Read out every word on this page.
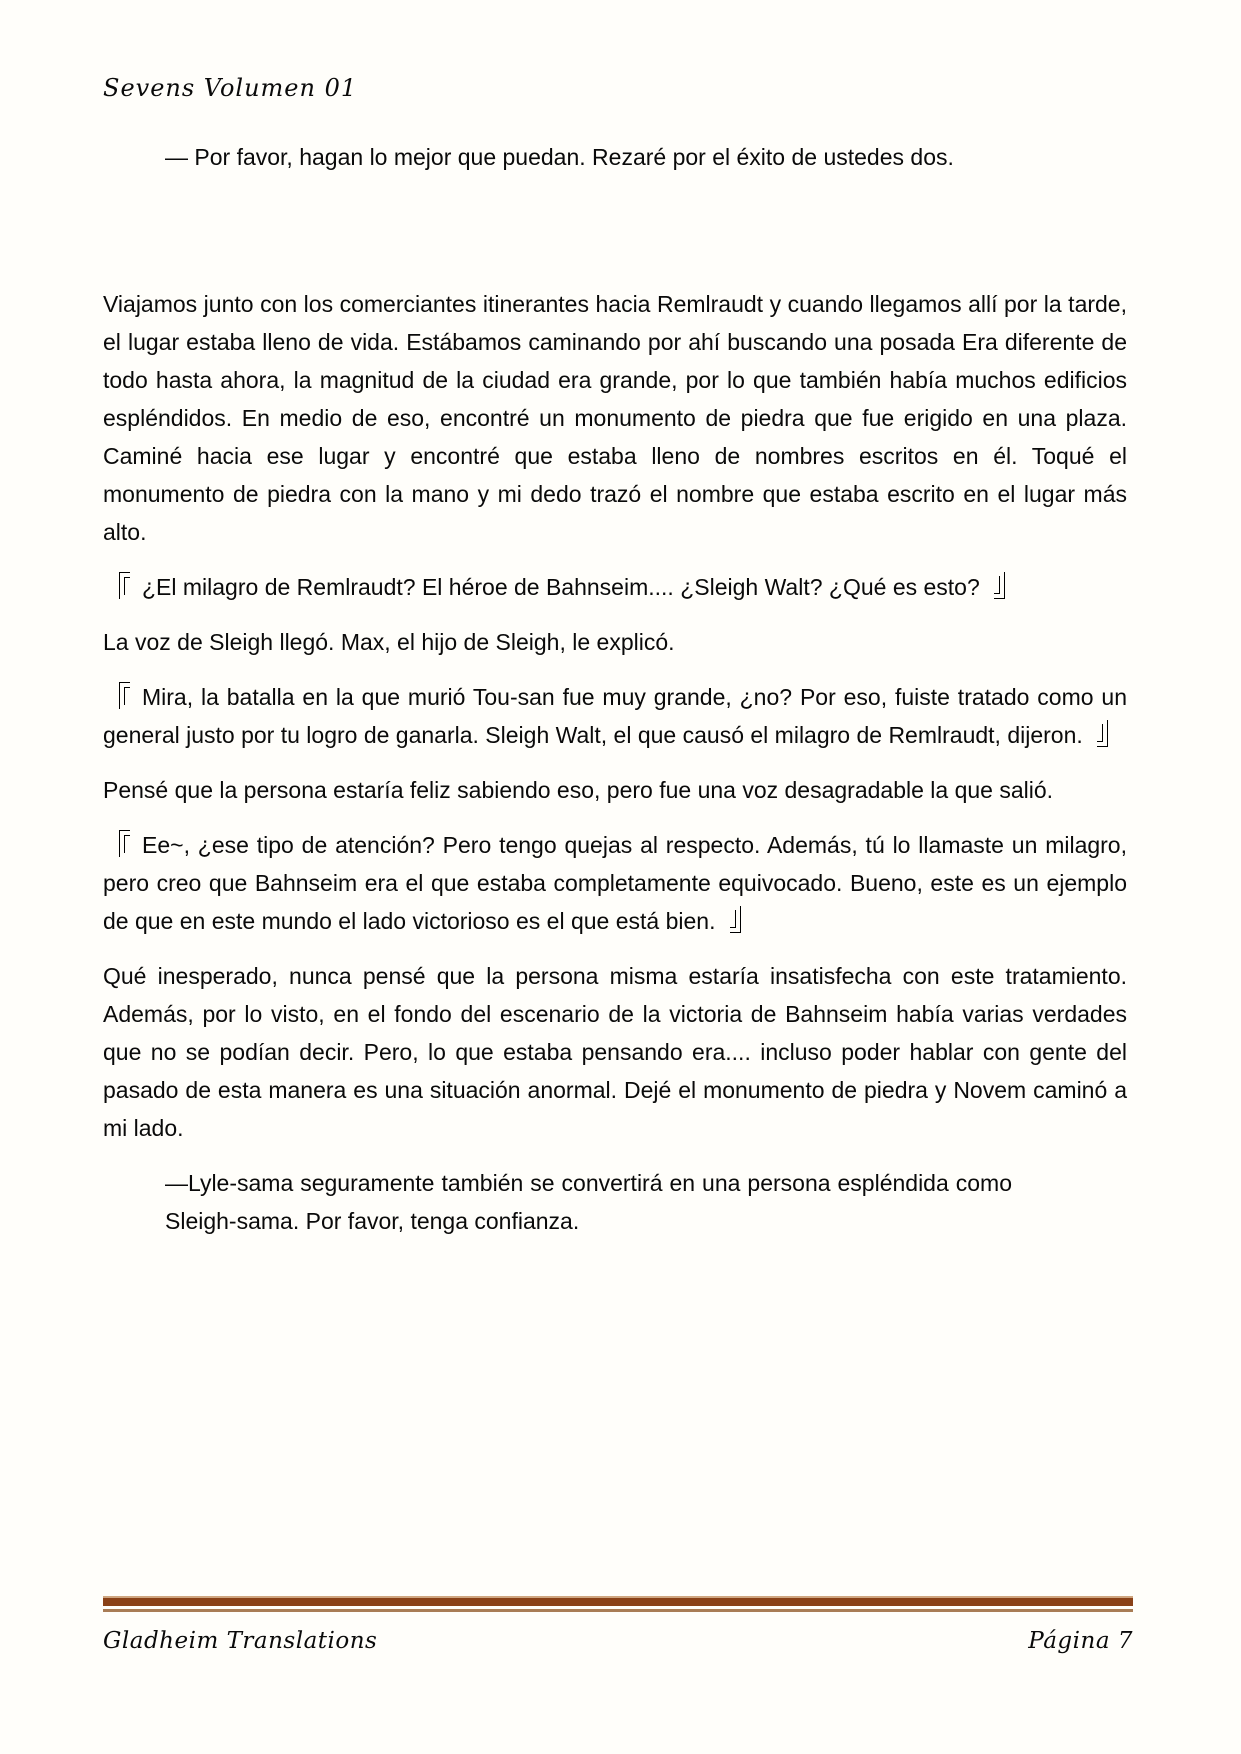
Sevens Volumen 01

— Por favor, hagan lo mejor que puedan. Rezaré por el éxito de ustedes dos.

Viajamos junto con los comerciantes itinerantes hacia Remlraudt y cuando llegamos allí por la tarde, el lugar estaba lleno de vida. Estábamos caminando por ahí buscando una posada Era diferente de todo hasta ahora, la magnitud de la ciudad era grande, por lo que también había muchos edificios espléndidos. En medio de eso, encontré un monumento de piedra que fue erigido en una plaza. Caminé hacia ese lugar y encontré que estaba lleno de nombres escritos en él. Toqué el monumento de piedra con la mano y mi dedo trazó el nombre que estaba escrito en el lugar más alto.

¿El milagro de Remlraudt? El héroe de Bahnseim.... ¿Sleigh Walt? ¿Qué es esto?

La voz de Sleigh llegó. Max, el hijo de Sleigh, le explicó.

Mira, la batalla en la que murió Tou-san fue muy grande, ¿no? Por eso, fuiste tratado como un general justo por tu logro de ganarla. Sleigh Walt, el que causó el milagro de Remlraudt, dijeron.

Pensé que la persona estaría feliz sabiendo eso, pero fue una voz desagradable la que salió.

Ee~, ¿ese tipo de atención? Pero tengo quejas al respecto. Además, tú lo llamaste un milagro, pero creo que Bahnseim era el que estaba completamente equivocado. Bueno, este es un ejemplo de que en este mundo el lado victorioso es el que está bien.

Qué inesperado, nunca pensé que la persona misma estaría insatisfecha con este tratamiento. Además, por lo visto, en el fondo del escenario de la victoria de Bahnseim había varias verdades que no se podían decir. Pero, lo que estaba pensando era.... incluso poder hablar con gente del pasado de esta manera es una situación anormal. Dejé el monumento de piedra y Novem caminó a mi lado.

—Lyle-sama seguramente también se convertirá en una persona espléndida como Sleigh-sama. Por favor, tenga confianza.

Gladheim Translations	Página 7
